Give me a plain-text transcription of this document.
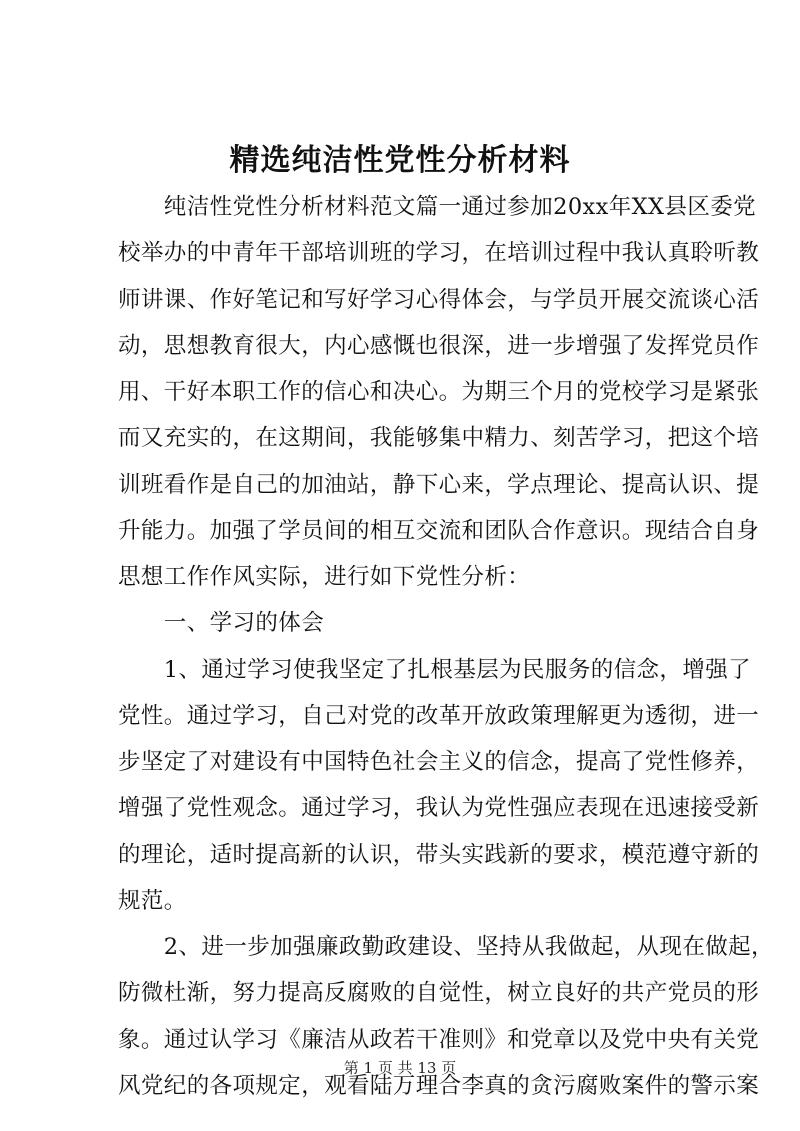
精选纯洁性党性分析材料
　　纯洁性党性分析材料范文篇一通过参加20xx年XX县区委党
校举办的中青年干部培训班的学习，在培训过程中我认真聆听教
师讲课、作好笔记和写好学习心得体会，与学员开展交流谈心活
动，思想教育很大，内心感慨也很深，进一步增强了发挥党员作
用、干好本职工作的信心和决心。为期三个月的党校学习是紧张
而又充实的，在这期间，我能够集中精力、刻苦学习，把这个培
训班看作是自己的加油站，静下心来，学点理论、提高认识、提
升能力。加强了学员间的相互交流和团队合作意识。现结合自身
思想工作作风实际，进行如下党性分析：
　　一、学习的体会
　　1、通过学习使我坚定了扎根基层为民服务的信念，增强了
党性。通过学习，自己对党的改革开放政策理解更为透彻，进一
步坚定了对建设有中国特色社会主义的信念，提高了党性修养，
增强了党性观念。通过学习，我认为党性强应表现在迅速接受新
的理论，适时提高新的认识，带头实践新的要求，模范遵守新的
规范。
　　2、进一步加强廉政勤政建设、坚持从我做起，从现在做起，
防微杜渐，努力提高反腐败的自觉性，树立良好的共产党员的形
象。通过认学习《廉洁从政若干准则》和党章以及党中央有关党
风党纪的各项规定，观看陆万理合李真的贪污腐败案件的警示案
第 1 页 共 13 页
